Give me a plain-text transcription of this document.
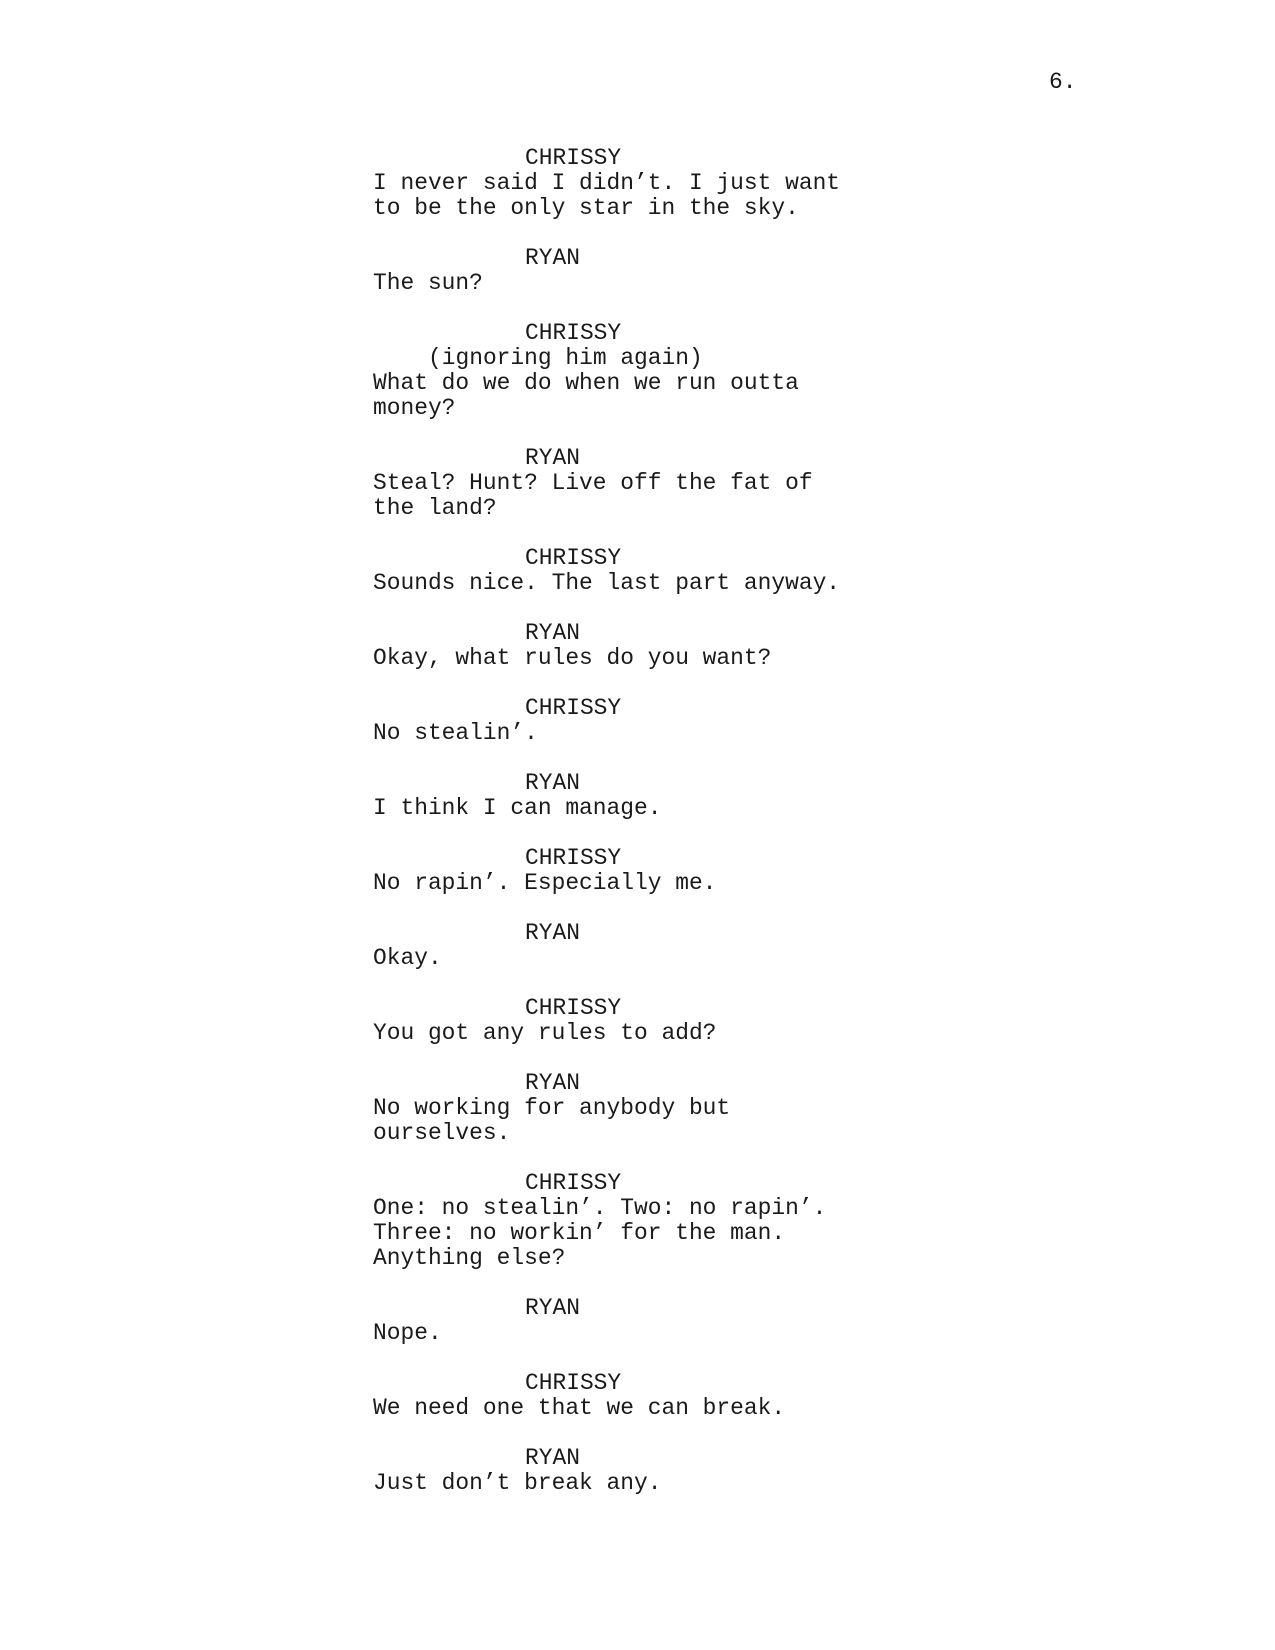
6.
CHRISSY
I never said I didn’t. I just want
to be the only star in the sky.
RYAN
The sun?
CHRISSY
(ignoring him again)
What do we do when we run outta
money?
RYAN
Steal? Hunt? Live off the fat of
the land?
CHRISSY
Sounds nice. The last part anyway.
RYAN
Okay, what rules do you want?
CHRISSY
No stealin’.
RYAN
I think I can manage.
CHRISSY
No rapin’. Especially me.
RYAN
Okay.
CHRISSY
You got any rules to add?
RYAN
No working for anybody but
ourselves.
CHRISSY
One: no stealin’. Two: no rapin’.
Three: no workin’ for the man.
Anything else?
RYAN
Nope.
CHRISSY
We need one that we can break.
RYAN
Just don’t break any.
